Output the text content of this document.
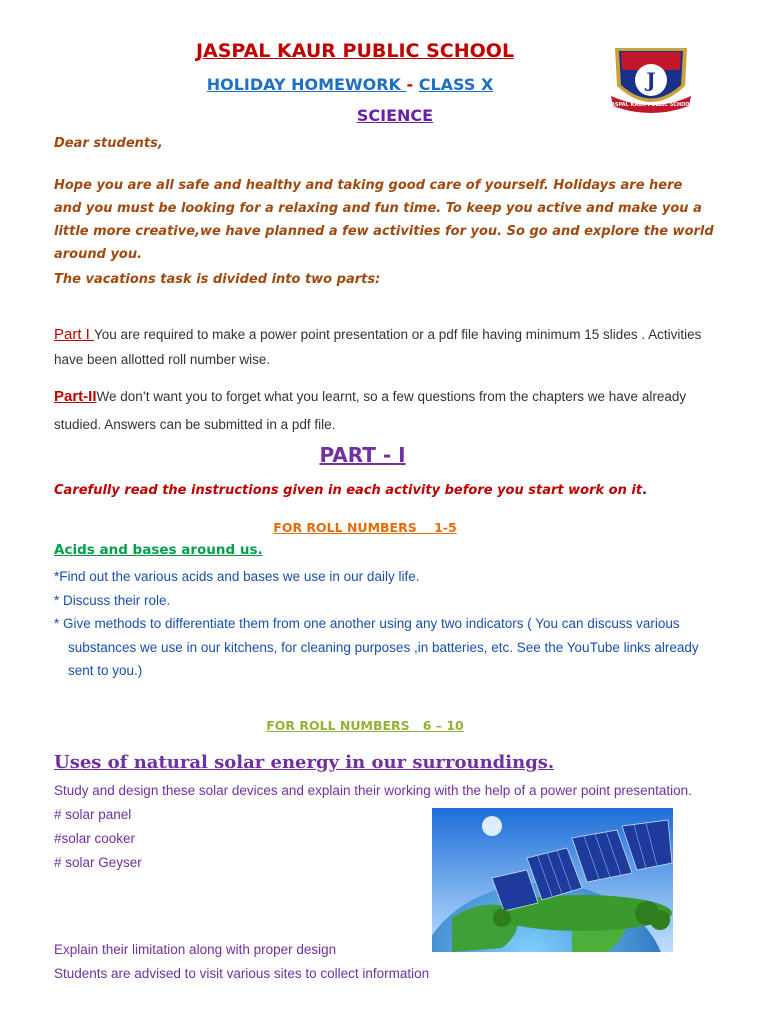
JASPAL KAUR PUBLIC SCHOOL
HOLIDAY HOMEWORK - CLASS X
SCIENCE
J
JASPAL KAUR PUBLIC SCHOOL
Dear students,
Hope you are all safe and healthy and taking good care of yourself. Holidays are here and you must be looking for a relaxing and fun time. To keep you active and make you a little more creative,we have planned a few activities for you. So go and explore the world around you.
The vacations task is divided into two parts:
Part I You are required to make a power point presentation or a pdf file having minimum 15 slides . Activities have been allotted roll number wise.
Part-IIWe don’t want you to forget what you learnt, so a few questions from the chapters we have already studied. Answers can be submitted in a pdf file.
PART - I
Carefully read the instructions given in each activity before you start work on it.
FOR ROLL NUMBERS    1-5
Acids and bases around us.
*Find out the various acids and bases we use in our daily life.
* Discuss their role.
* Give methods to differentiate them from one another using any two indicators ( You can discuss various substances we use in our kitchens, for cleaning purposes ,in batteries, etc. See the YouTube links already sent to you.)
FOR ROLL NUMBERS   6 – 10
Uses of natural solar energy in our surroundings.
Study and design these solar devices and explain their working with the help of a power point presentation.
# solar panel
#solar cooker
# solar Geyser
Explain their limitation along with proper design
Students are advised to visit various sites to collect information
